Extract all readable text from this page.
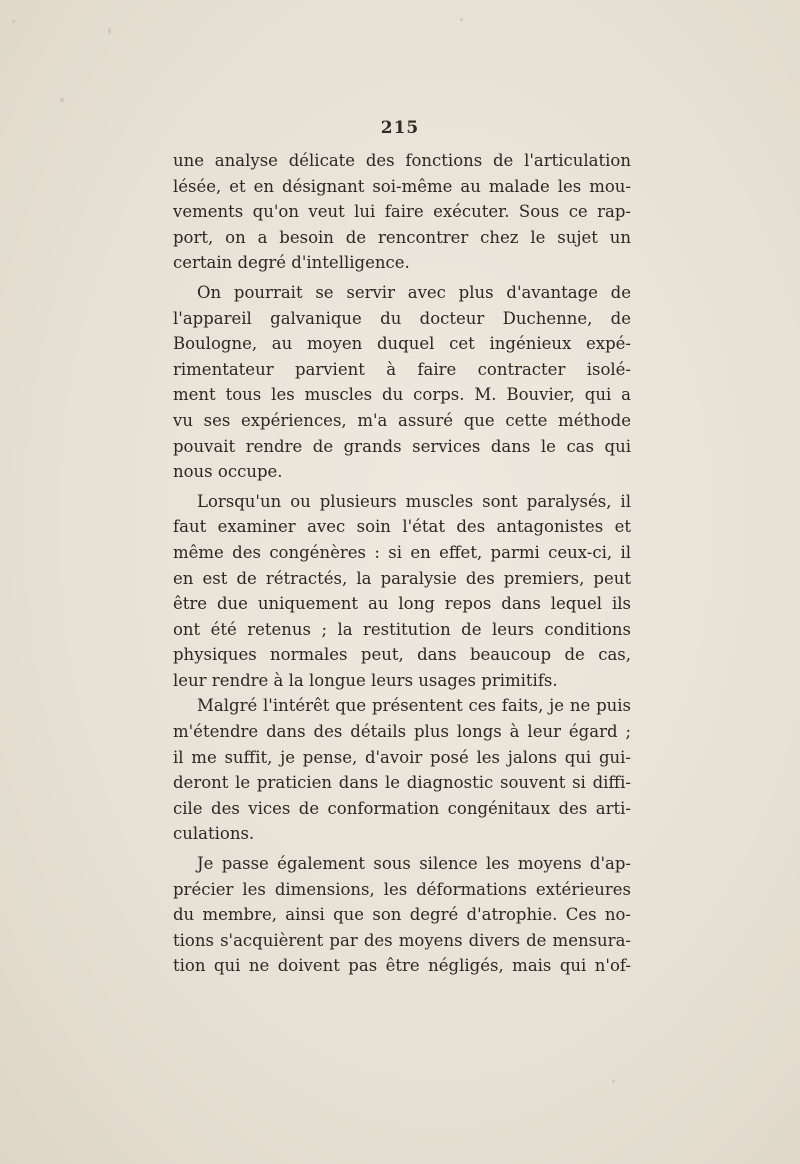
215
une analyse délicate des fonctions de l'articulation
lésée, et en désignant soi-même au malade les mou-
vements qu'on veut lui faire exécuter. Sous ce rap-
port, on a besoin de rencontrer chez le sujet un
certain degré d'intelligence.
On pourrait se servir avec plus d'avantage de
l'appareil galvanique du docteur Duchenne, de
Boulogne, au moyen duquel cet ingénieux expé-
rimentateur parvient à faire contracter isolé-
ment tous les muscles du corps. M. Bouvier, qui a
vu ses expériences, m'a assuré que cette méthode
pouvait rendre de grands services dans le cas qui
nous occupe.
Lorsqu'un ou plusieurs muscles sont paralysés, il
faut examiner avec soin l'état des antagonistes et
même des congénères : si en effet, parmi ceux-ci, il
en est de rétractés, la paralysie des premiers, peut
être due uniquement au long repos dans lequel ils
ont été retenus ; la restitution de leurs conditions
physiques normales peut, dans beaucoup de cas,
leur rendre à la longue leurs usages primitifs.
Malgré l'intérêt que présentent ces faits, je ne puis
m'étendre dans des détails plus longs à leur égard ;
il me suffit, je pense, d'avoir posé les jalons qui gui-
deront le praticien dans le diagnostic souvent si diffi-
cile des vices de conformation congénitaux des arti-
culations.
Je passe également sous silence les moyens d'ap-
précier les dimensions, les déformations extérieures
du membre, ainsi que son degré d'atrophie. Ces no-
tions s'acquièrent par des moyens divers de mensura-
tion qui ne doivent pas être négligés, mais qui n'of-
